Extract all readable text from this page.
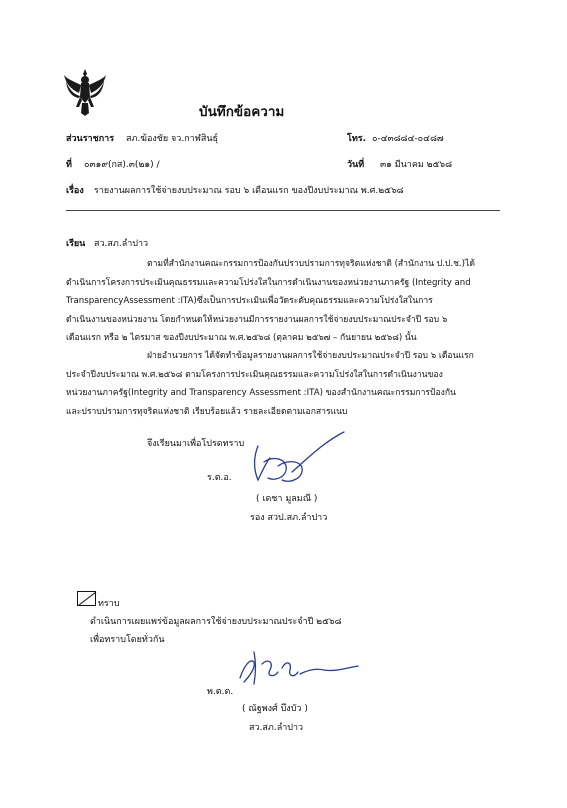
บันทึกข้อความ
ส่วนราชการ สภ.ฆ้องชัย จว.กาฬสินธุ์	โทร. ๐-๔๓๘๘๔-๐๔๘๗
ที่ ๐๓๑๙(กส).๓(๒๑) /	วันที่ ๓๑ มีนาคม ๒๕๖๘
เรื่อง รายงานผลการใช้จ่ายงบประมาณ รอบ ๖ เดือนแรก ของปีงบประมาณ พ.ศ.๒๕๖๘
เรียน สว.สภ.ลำปาว
ตามที่สำนักงานคณะกรรมการป้องกันปราบปรามการทุจริตแห่งชาติ (สำนักงาน ป.ป.ช.)ได้
ดำเนินการโครงการประเมินคุณธรรมและความโปร่งใสในการดำเนินงานของหน่วยงานภาครัฐ (Integrity and
TransparencyAssessment :ITA)ซึ่งเป็นการประเมินเพื่อวัดระดับคุณธรรมและความโปร่งใสในการ
ดำเนินงานของหน่วยงาน โดยกำหนดให้หน่วยงานมีการรายงานผลการใช้จ่ายงบประมาณประจำปี รอบ ๖
เดือนแรก หรือ ๒ ไตรมาส ของปีงบประมาณ พ.ศ.๒๕๖๘ (ตุลาคม ๒๕๖๗ – กันยายน ๒๕๖๘) นั้น
ฝ่ายอำนวยการ ได้จัดทำข้อมูลรายงานผลการใช้จ่ายงบประมาณประจำปี รอบ ๖ เดือนแรก
ประจำปีงบประมาณ พ.ศ.๒๕๖๘ ตามโครงการประเมินคุณธรรมและความโปร่งใสในการดำเนินงานของ
หน่วยงานภาครัฐ(Integrity and Transparency Assessment :ITA) ของสำนักงานคณะกรรมการป้องกัน
และปราบปรามการทุจริตแห่งชาติ เรียบร้อยแล้ว รายละเอียดตามเอกสารแนบ
จึงเรียนมาเพื่อโปรดทราบ
ร.ต.อ.
( เดชา มูลมณี )
รอง สวป.สภ.ลำปาว
ทราบ
ดำเนินการเผยแพร่ข้อมูลผลการใช้จ่ายงบประมาณประจำปี ๒๕๖๘
เพื่อทราบโดยทั่วกัน
พ.ต.ต.
( ณัฐพงศ์ บึงบัว )
สว.สภ.ลำปาว
